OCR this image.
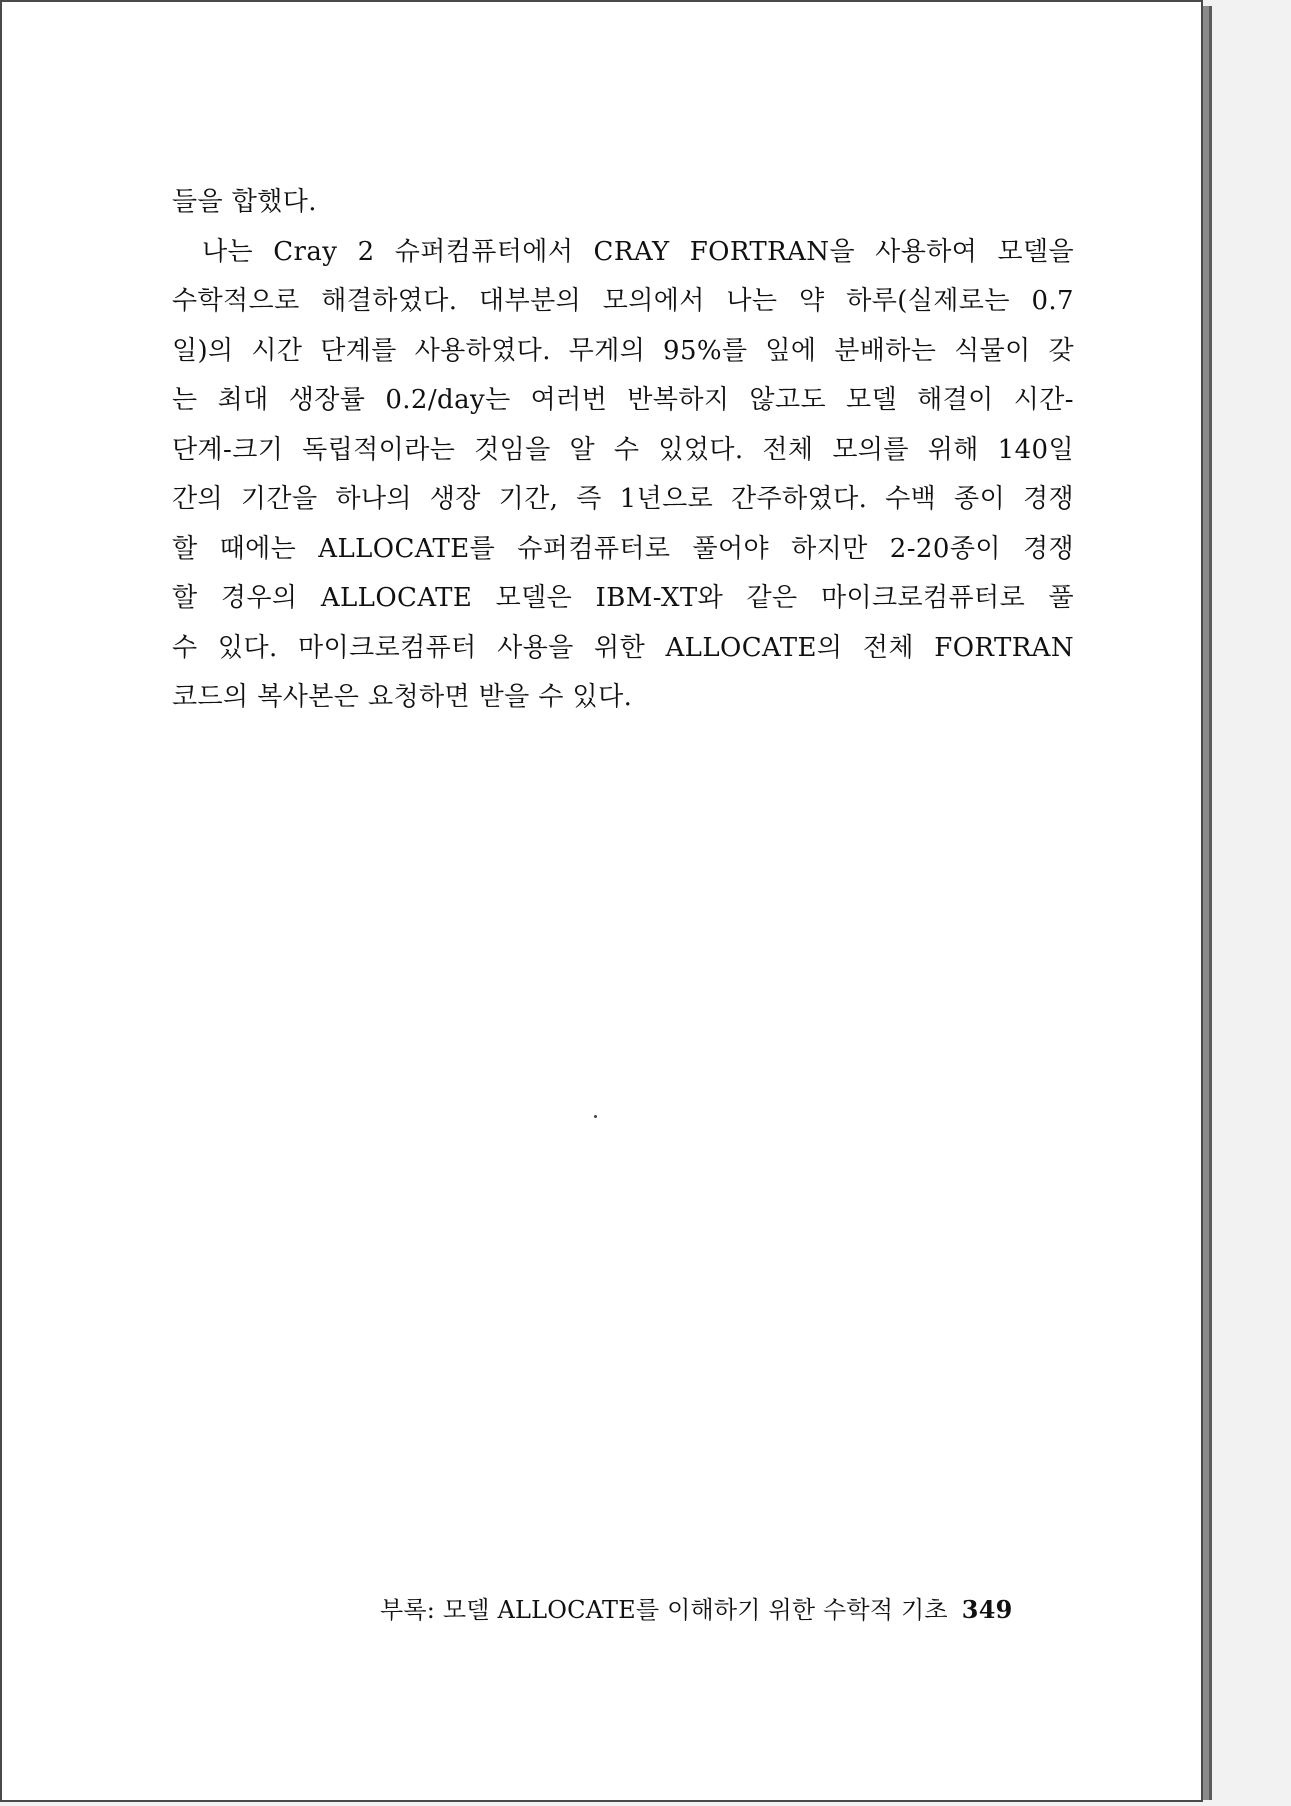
들을 합했다.
나는 Cray 2 슈퍼컴퓨터에서 CRAY FORTRAN을 사용하여 모델을
수학적으로 해결하였다. 대부분의 모의에서 나는 약 하루(실제로는 0.7
일)의 시간 단계를 사용하였다. 무게의 95%를 잎에 분배하는 식물이 갖
는 최대 생장률 0.2/day는 여러번 반복하지 않고도 모델 해결이 시간-
단계-크기 독립적이라는 것임을 알 수 있었다. 전체 모의를 위해 140일
간의 기간을 하나의 생장 기간, 즉 1년으로 간주하였다. 수백 종이 경쟁
할 때에는 ALLOCATE를 슈퍼컴퓨터로 풀어야 하지만 2-20종이 경쟁
할 경우의 ALLOCATE 모델은 IBM-XT와 같은 마이크로컴퓨터로 풀
수 있다. 마이크로컴퓨터 사용을 위한 ALLOCATE의 전체 FORTRAN
코드의 복사본은 요청하면 받을 수 있다.
부록: 모델 ALLOCATE를 이해하기 위한 수학적 기초 349
